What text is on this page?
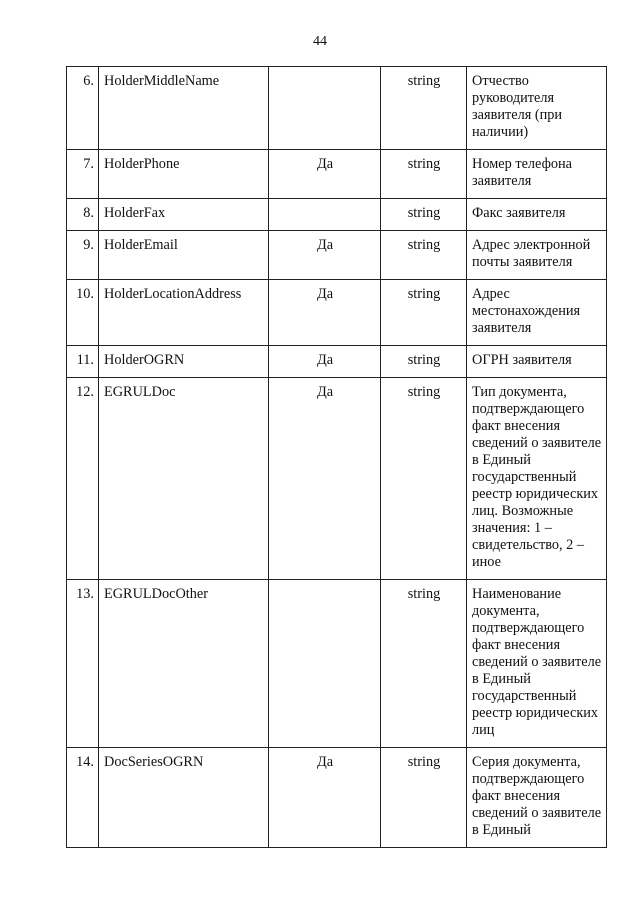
44
6.	HolderMiddleName		string	Отчество руководителя заявителя (при наличии)
7.	HolderPhone	Да	string	Номер телефона заявителя
8.	HolderFax		string	Факс заявителя
9.	HolderEmail	Да	string	Адрес электронной почты заявителя
10.	HolderLocationAddress	Да	string	Адрес местонахождения заявителя
11.	HolderOGRN	Да	string	ОГРН заявителя
12.	EGRULDoc	Да	string	Тип документа, подтверждающего факт внесения сведений о заявителе в Единый государственный реестр юридических лиц. Возможные значения: 1 – свидетельство, 2 – иное
13.	EGRULDocOther		string	Наименование документа, подтверждающего факт внесения сведений о заявителе в Единый государственный реестр юридических лиц
14.	DocSeriesOGRN	Да	string	Серия документа, подтверждающего факт внесения сведений о заявителе в Единый
